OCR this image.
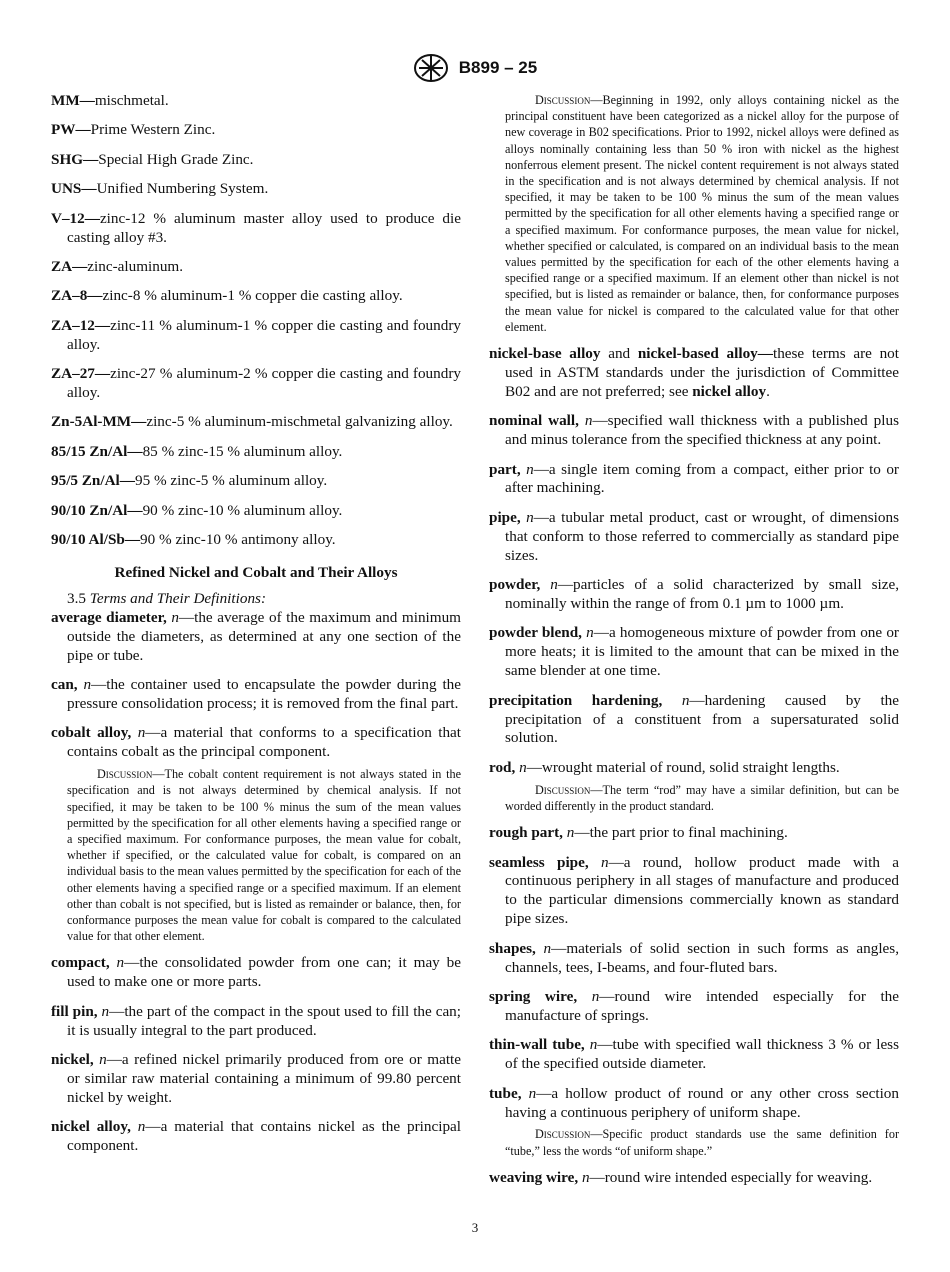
B899 – 25

MM—mischmetal.

PW—Prime Western Zinc.

SHG—Special High Grade Zinc.

UNS—Unified Numbering System.

V–12—zinc-12 % aluminum master alloy used to produce die casting alloy #3.

ZA—zinc-aluminum.

ZA–8—zinc-8 % aluminum-1 % copper die casting alloy.

ZA–12—zinc-11 % aluminum-1 % copper die casting and foundry alloy.

ZA–27—zinc-27 % aluminum-2 % copper die casting and foundry alloy.

Zn-5Al-MM—zinc-5 % aluminum-mischmetal galvanizing alloy.

85/15 Zn/Al—85 % zinc-15 % aluminum alloy.

95/5 Zn/Al—95 % zinc-5 % aluminum alloy.

90/10 Zn/Al—90 % zinc-10 % aluminum alloy.

90/10 Al/Sb—90 % zinc-10 % antimony alloy.

Refined Nickel and Cobalt and Their Alloys
3.5 Terms and Their Definitions:

average diameter, n—the average of the maximum and minimum outside the diameters, as determined at any one section of the pipe or tube.

can, n—the container used to encapsulate the powder during the pressure consolidation process; it is removed from the final part.

cobalt alloy, n—a material that conforms to a specification that contains cobalt as the principal component.

Discussion—The cobalt content requirement is not always stated in the specification and is not always determined by chemical analysis. If not specified, it may be taken to be 100 % minus the sum of the mean values permitted by the specification for all other elements having a specified range or a specified maximum. For conformance purposes, the mean value for cobalt, whether if specified, or the calculated value for cobalt, is compared on an individual basis to the mean values permitted by the specification for each of the other elements having a specified range or a specified maximum. If an element other than cobalt is not specified, but is listed as remainder or balance, then, for conformance purposes the mean value for cobalt is compared to the calculated value for that other element.

compact, n—the consolidated powder from one can; it may be used to make one or more parts.

fill pin, n—the part of the compact in the spout used to fill the can; it is usually integral to the part produced.

nickel, n—a refined nickel primarily produced from ore or matte or similar raw material containing a minimum of 99.80 percent nickel by weight.

nickel alloy, n—a material that contains nickel as the principal component.

Discussion—Beginning in 1992, only alloys containing nickel as the principal constituent have been categorized as a nickel alloy for the purpose of new coverage in B02 specifications. Prior to 1992, nickel alloys were defined as alloys nominally containing less than 50 % iron with nickel as the highest nonferrous element present. The nickel content requirement is not always stated in the specification and is not always determined by chemical analysis. If not specified, it may be taken to be 100 % minus the sum of the mean values permitted by the specification for all other elements having a specified range or a specified maximum. For conformance purposes, the mean value for nickel, whether specified or calculated, is compared on an individual basis to the mean values permitted by the specification for each of the other elements having a specified range or a specified maximum. If an element other than nickel is not specified, but is listed as remainder or balance, then, for conformance purposes the mean value for nickel is compared to the calculated value for that other element.

nickel-base alloy and nickel-based alloy—these terms are not used in ASTM standards under the jurisdiction of Committee B02 and are not preferred; see nickel alloy.

nominal wall, n—specified wall thickness with a published plus and minus tolerance from the specified thickness at any point.

part, n—a single item coming from a compact, either prior to or after machining.

pipe, n—a tubular metal product, cast or wrought, of dimensions that conform to those referred to commercially as standard pipe sizes.

powder, n—particles of a solid characterized by small size, nominally within the range of from 0.1 µm to 1000 µm.

powder blend, n—a homogeneous mixture of powder from one or more heats; it is limited to the amount that can be mixed in the same blender at one time.

precipitation hardening, n—hardening caused by the precipitation of a constituent from a supersaturated solid solution.

rod, n—wrought material of round, solid straight lengths.

Discussion—The term “rod” may have a similar definition, but can be worded differently in the product standard.

rough part, n—the part prior to final machining.

seamless pipe, n—a round, hollow product made with a continuous periphery in all stages of manufacture and produced to the particular dimensions commercially known as standard pipe sizes.

shapes, n—materials of solid section in such forms as angles, channels, tees, I-beams, and four-fluted bars.

spring wire, n—round wire intended especially for the manufacture of springs.

thin-wall tube, n—tube with specified wall thickness 3 % or less of the specified outside diameter.

tube, n—a hollow product of round or any other cross section having a continuous periphery of uniform shape.

Discussion—Specific product standards use the same definition for “tube,” less the words “of uniform shape.”

weaving wire, n—round wire intended especially for weaving.

3
